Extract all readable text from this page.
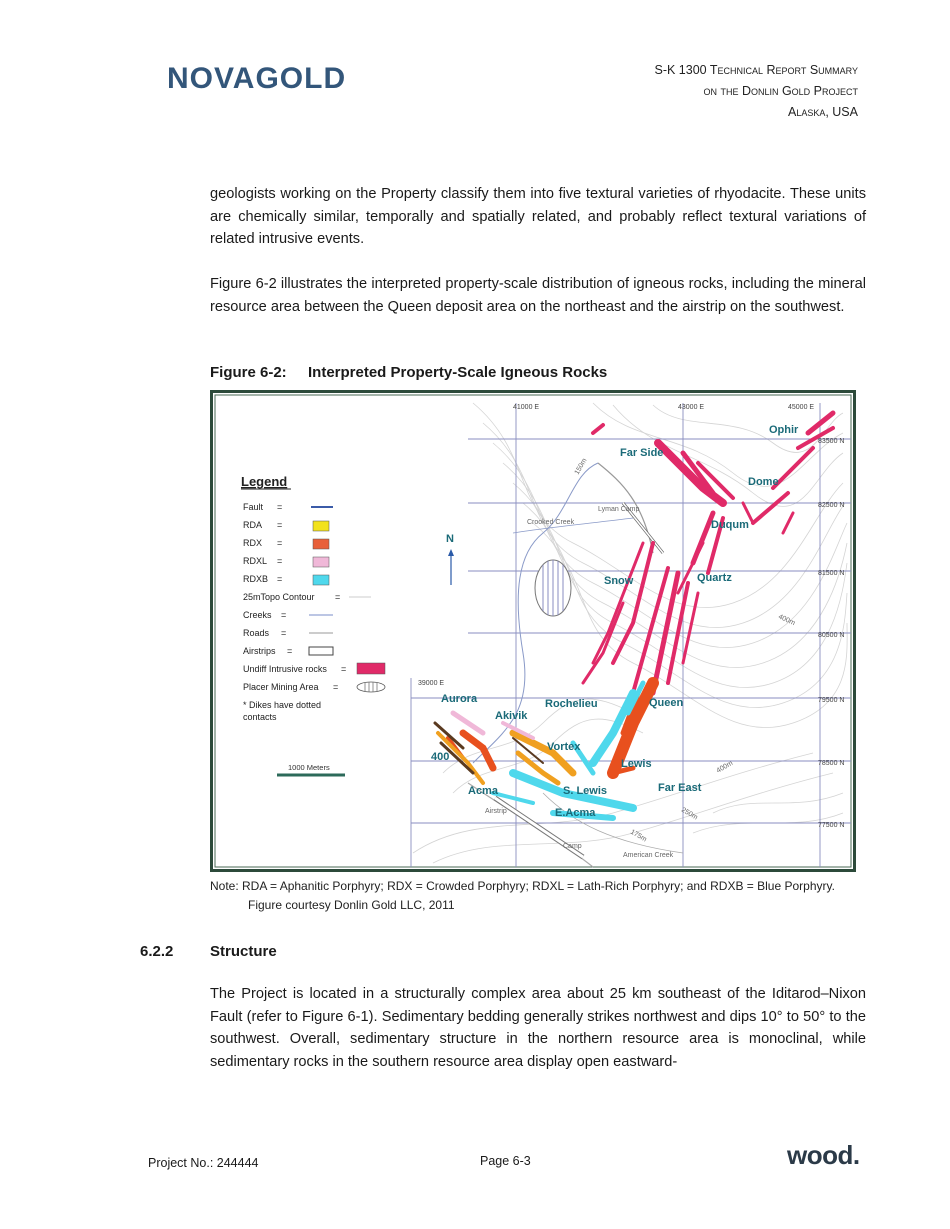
NOVAGOLD	S-K 1300 Technical Report Summary
on the Donlin Gold Project
Alaska, USA
geologists working on the Property classify them into five textural varieties of rhyodacite. These units are chemically similar, temporally and spatially related, and probably reflect textural variations of related intrusive events.
Figure 6-2 illustrates the interpreted property-scale distribution of igneous rocks, including the mineral resource area between the Queen deposit area on the northeast and the airstrip on the southwest.
Figure 6-2: Interpreted Property-Scale Igneous Rocks
41000 E	43000 E	45000 E
39000 E
83500 N
82500 N
81500 N
80500 N
79500 N
78500 N
77500 N
Ophir
Far Side
Dome
Duqum
Snow	Quartz
Aurora	Rochelieu	Queen
Akivik
Vortex
400
Lewis
Acma	S. Lewis	Far East
E.Acma
Crooked Creek
Lyman Camp
Airstrip
Camp
American Creek
150m
400m
400m
250m
175m
N
Legend
Fault =
RDA =
RDX =
RDXL =
RDXB =
25mTopo Contour =
Creeks =
Roads =
Airstrips =
Undiff Intrusive rocks =
Placer Mining Area =
* Dikes have dotted
contacts
1000 Meters
Note: RDA = Aphanitic Porphyry; RDX = Crowded Porphyry; RDXL = Lath-Rich Porphyry; and RDXB = Blue Porphyry.
Figure courtesy Donlin Gold LLC, 2011
6.2.2 Structure
The Project is located in a structurally complex area about 25 km southeast of the Iditarod–Nixon Fault (refer to Figure 6-1). Sedimentary bedding generally strikes northwest and dips 10° to 50° to the southwest. Overall, sedimentary structure in the northern resource area is monoclinal, while sedimentary rocks in the southern resource area display open eastward-
Project No.: 244444	Page 6-3	wood.
